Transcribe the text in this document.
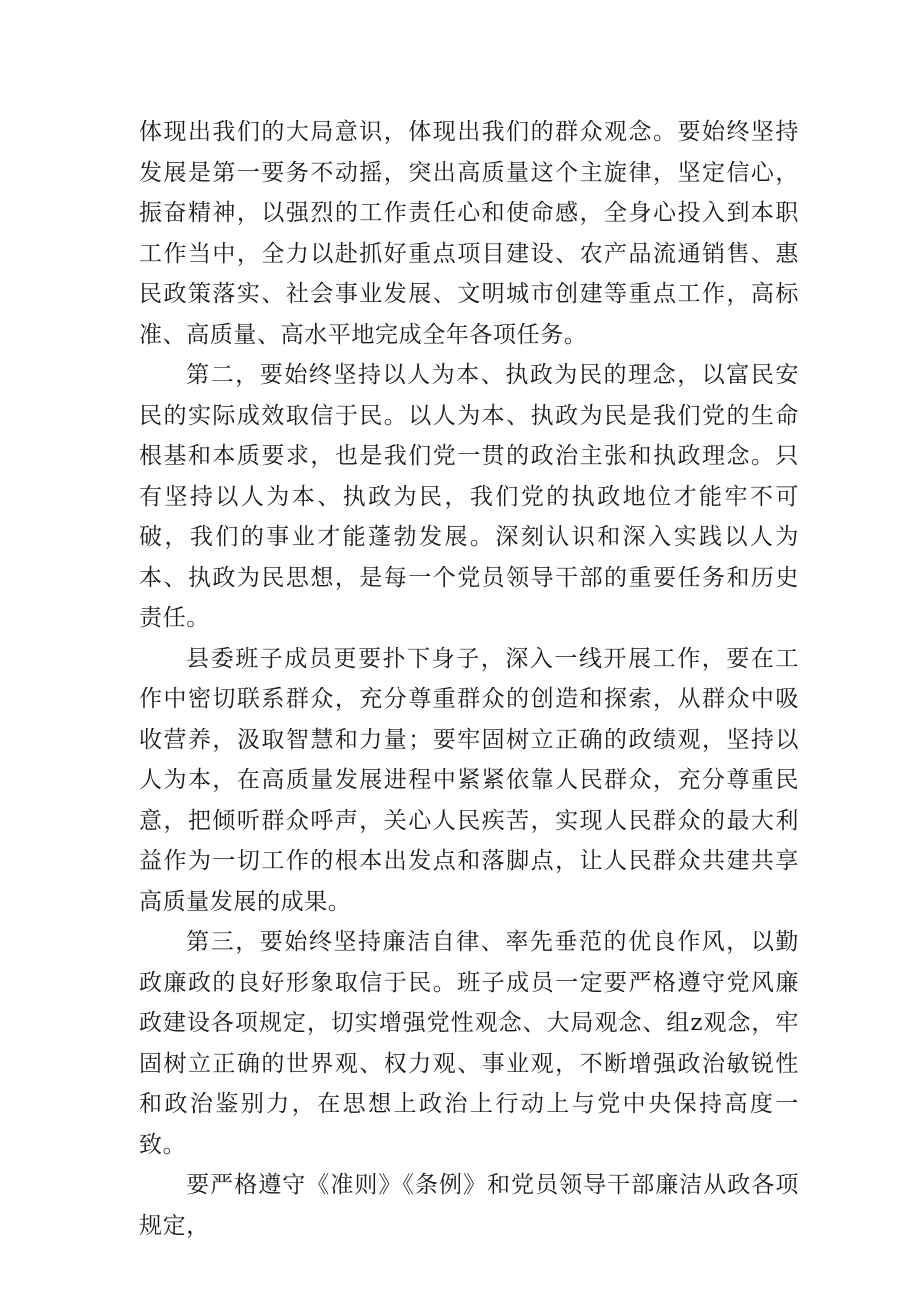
体现出我们的大局意识，体现出我们的群众观念。要始终坚持发展是第一要务不动摇，突出高质量这个主旋律，坚定信心，振奋精神，以强烈的工作责任心和使命感，全身心投入到本职工作当中，全力以赴抓好重点项目建设、农产品流通销售、惠民政策落实、社会事业发展、文明城市创建等重点工作，高标准、高质量、高水平地完成全年各项任务。

第二，要始终坚持以人为本、执政为民的理念，以富民安民的实际成效取信于民。以人为本、执政为民是我们党的生命根基和本质要求，也是我们党一贯的政治主张和执政理念。只有坚持以人为本、执政为民，我们党的执政地位才能牢不可破，我们的事业才能蓬勃发展。深刻认识和深入实践以人为本、执政为民思想，是每一个党员领导干部的重要任务和历史责任。

县委班子成员更要扑下身子，深入一线开展工作，要在工作中密切联系群众，充分尊重群众的创造和探索，从群众中吸收营养，汲取智慧和力量；要牢固树立正确的政绩观，坚持以人为本，在高质量发展进程中紧紧依靠人民群众，充分尊重民意，把倾听群众呼声，关心人民疾苦，实现人民群众的最大利益作为一切工作的根本出发点和落脚点，让人民群众共建共享高质量发展的成果。

第三，要始终坚持廉洁自律、率先垂范的优良作风，以勤政廉政的良好形象取信于民。班子成员一定要严格遵守党风廉政建设各项规定，切实增强党性观念、大局观念、组z观念，牢固树立正确的世界观、权力观、事业观，不断增强政治敏锐性和政治鉴别力，在思想上政治上行动上与党中央保持高度一致。

要严格遵守《准则》《条例》和党员领导干部廉洁从政各项规定，
